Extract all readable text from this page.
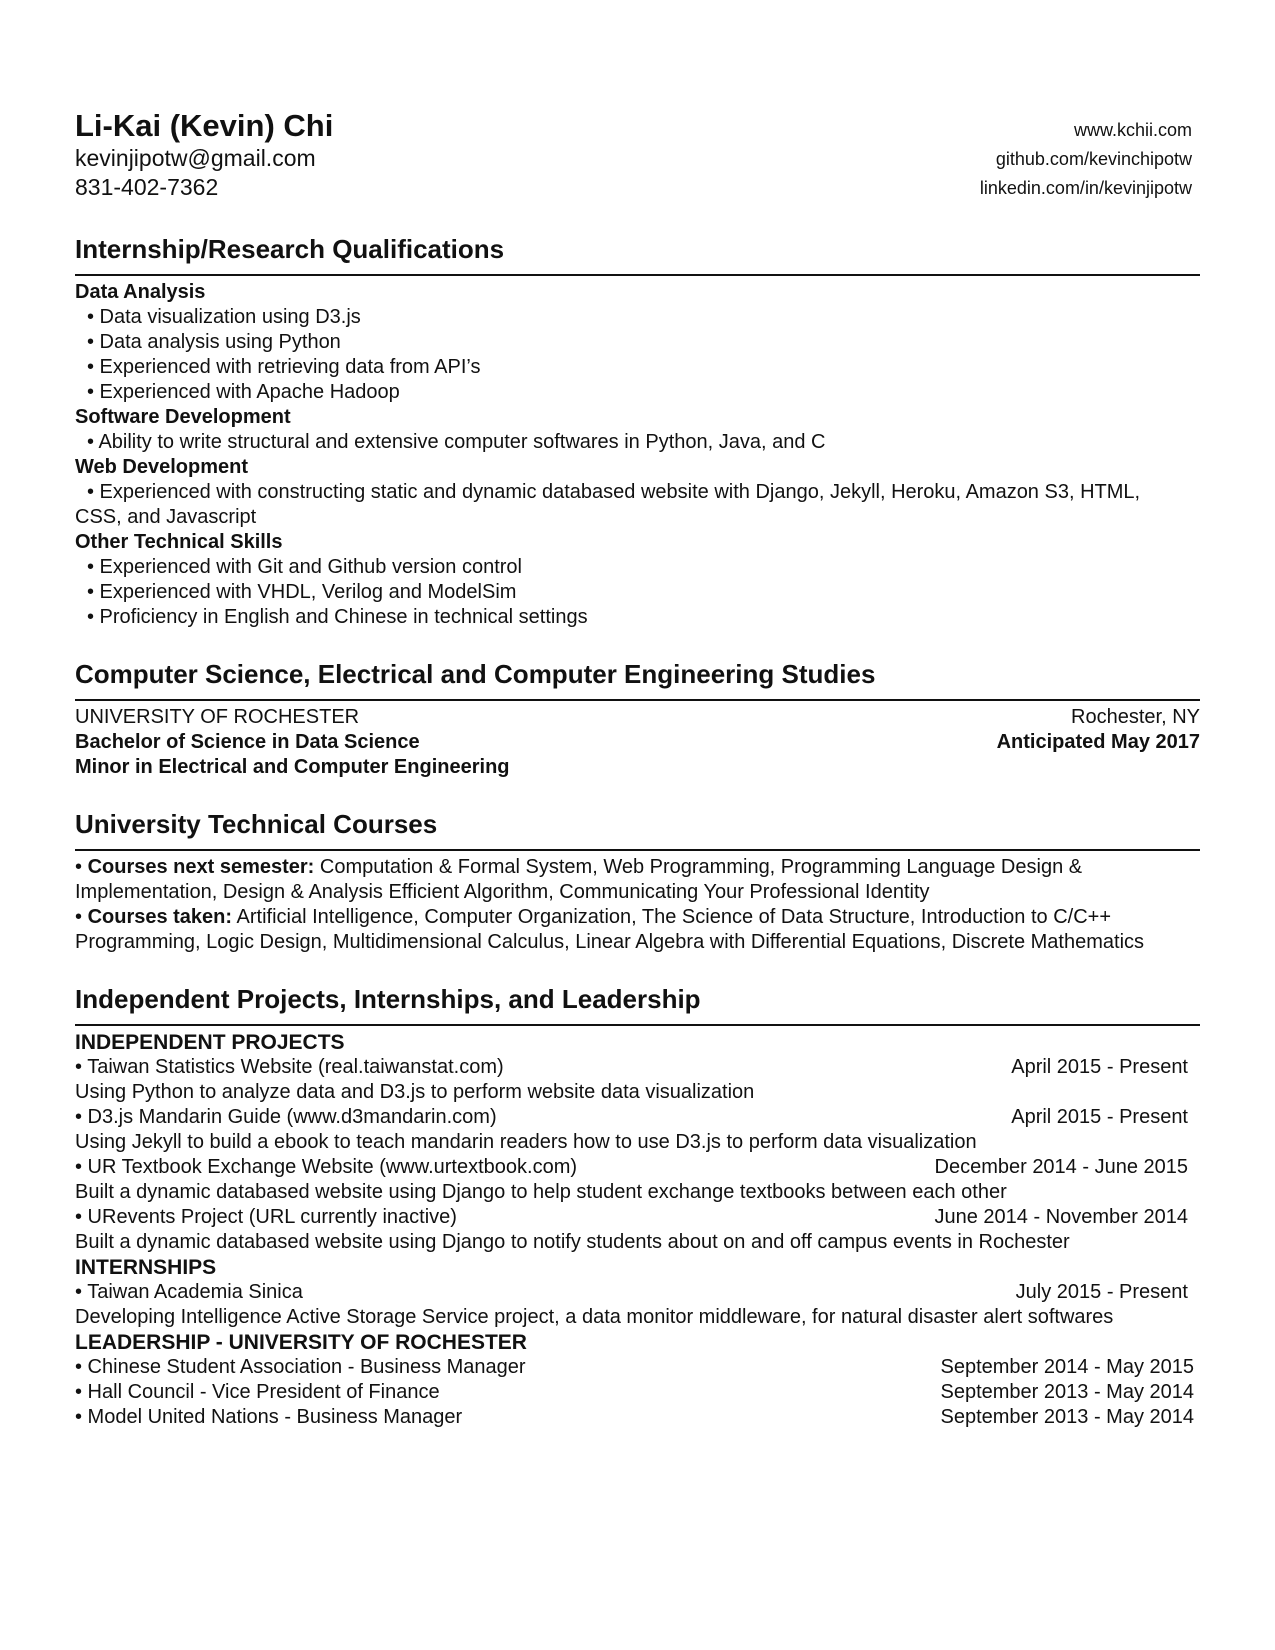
Li-Kai (Kevin) Chi
kevinjipotw@gmail.com
831-402-7362
www.kchii.com
github.com/kevinchipotw
linkedin.com/in/kevinjipotw
Internship/Research Qualifications
Data Analysis
• Data visualization using D3.js
• Data analysis using Python
• Experienced with retrieving data from API’s
• Experienced with Apache Hadoop
Software Development
• Ability to write structural and extensive computer softwares in Python, Java, and C
Web Development
• Experienced with constructing static and dynamic databased website with Django, Jekyll, Heroku, Amazon S3, HTML,
CSS, and Javascript
Other Technical Skills
• Experienced with Git and Github version control
• Experienced with VHDL, Verilog and ModelSim
• Proficiency in English and Chinese in technical settings
Computer Science, Electrical and Computer Engineering Studies
UNIVERSITY OF ROCHESTER	Rochester, NY
Bachelor of Science in Data Science	Anticipated May 2017
Minor in Electrical and Computer Engineering
University Technical Courses
• Courses next semester: Computation & Formal System, Web Programming, Programming Language Design &
Implementation, Design & Analysis Efficient Algorithm, Communicating Your Professional Identity
• Courses taken: Artificial Intelligence, Computer Organization, The Science of Data Structure, Introduction to C/C++
Programming, Logic Design, Multidimensional Calculus, Linear Algebra with Differential Equations, Discrete Mathematics
Independent Projects, Internships, and Leadership
INDEPENDENT PROJECTS
• Taiwan Statistics Website (real.taiwanstat.com)	April 2015 - Present
Using Python to analyze data and D3.js to perform website data visualization
• D3.js Mandarin Guide (www.d3mandarin.com)	April 2015 - Present
Using Jekyll to build a ebook to teach mandarin readers how to use D3.js to perform data visualization
• UR Textbook Exchange Website (www.urtextbook.com)	December 2014 - June 2015
Built a dynamic databased website using Django to help student exchange textbooks between each other
• URevents Project (URL currently inactive)	June 2014 - November 2014
Built a dynamic databased website using Django to notify students about on and off campus events in Rochester
INTERNSHIPS
• Taiwan Academia Sinica	July 2015 - Present
Developing Intelligence Active Storage Service project, a data monitor middleware, for natural disaster alert softwares
LEADERSHIP - UNIVERSITY OF ROCHESTER
• Chinese Student Association - Business Manager	September 2014 - May 2015
• Hall Council - Vice President of Finance	September 2013 - May 2014
• Model United Nations - Business Manager	September 2013 - May 2014
